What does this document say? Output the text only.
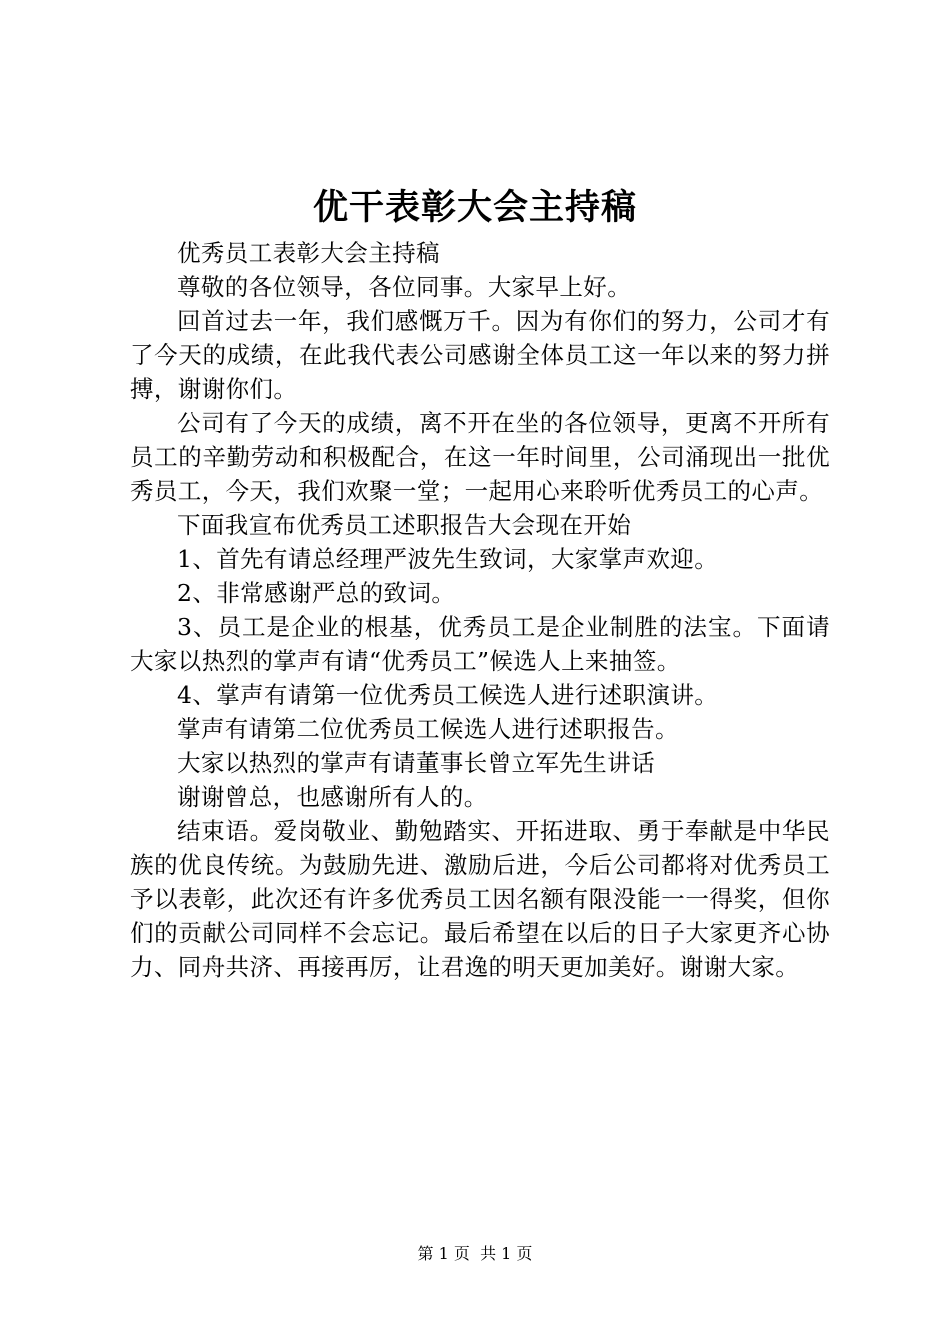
优干表彰大会主持稿

优秀员工表彰大会主持稿

尊敬的各位领导，各位同事。大家早上好。

回首过去一年，我们感慨万千。因为有你们的努力，公司才有了今天的成绩，在此我代表公司感谢全体员工这一年以来的努力拼搏，谢谢你们。

公司有了今天的成绩，离不开在坐的各位领导，更离不开所有员工的辛勤劳动和积极配合，在这一年时间里，公司涌现出一批优秀员工，今天，我们欢聚一堂；一起用心来聆听优秀员工的心声。

下面我宣布优秀员工述职报告大会现在开始

1、首先有请总经理严波先生致词，大家掌声欢迎。

2、非常感谢严总的致词。

3、员工是企业的根基，优秀员工是企业制胜的法宝。下面请大家以热烈的掌声有请“优秀员工”候选人上来抽签。

4、掌声有请第一位优秀员工候选人进行述职演讲。

掌声有请第二位优秀员工候选人进行述职报告。

大家以热烈的掌声有请董事长曾立军先生讲话

谢谢曾总，也感谢所有人的。

结束语。爱岗敬业、勤勉踏实、开拓进取、勇于奉献是中华民族的优良传统。为鼓励先进、激励后进，今后公司都将对优秀员工予以表彰，此次还有许多优秀员工因名额有限没能一一得奖，但你们的贡献公司同样不会忘记。最后希望在以后的日子大家更齐心协力、同舟共济、再接再厉，让君逸的明天更加美好。谢谢大家。

第 1 页 共 1 页
